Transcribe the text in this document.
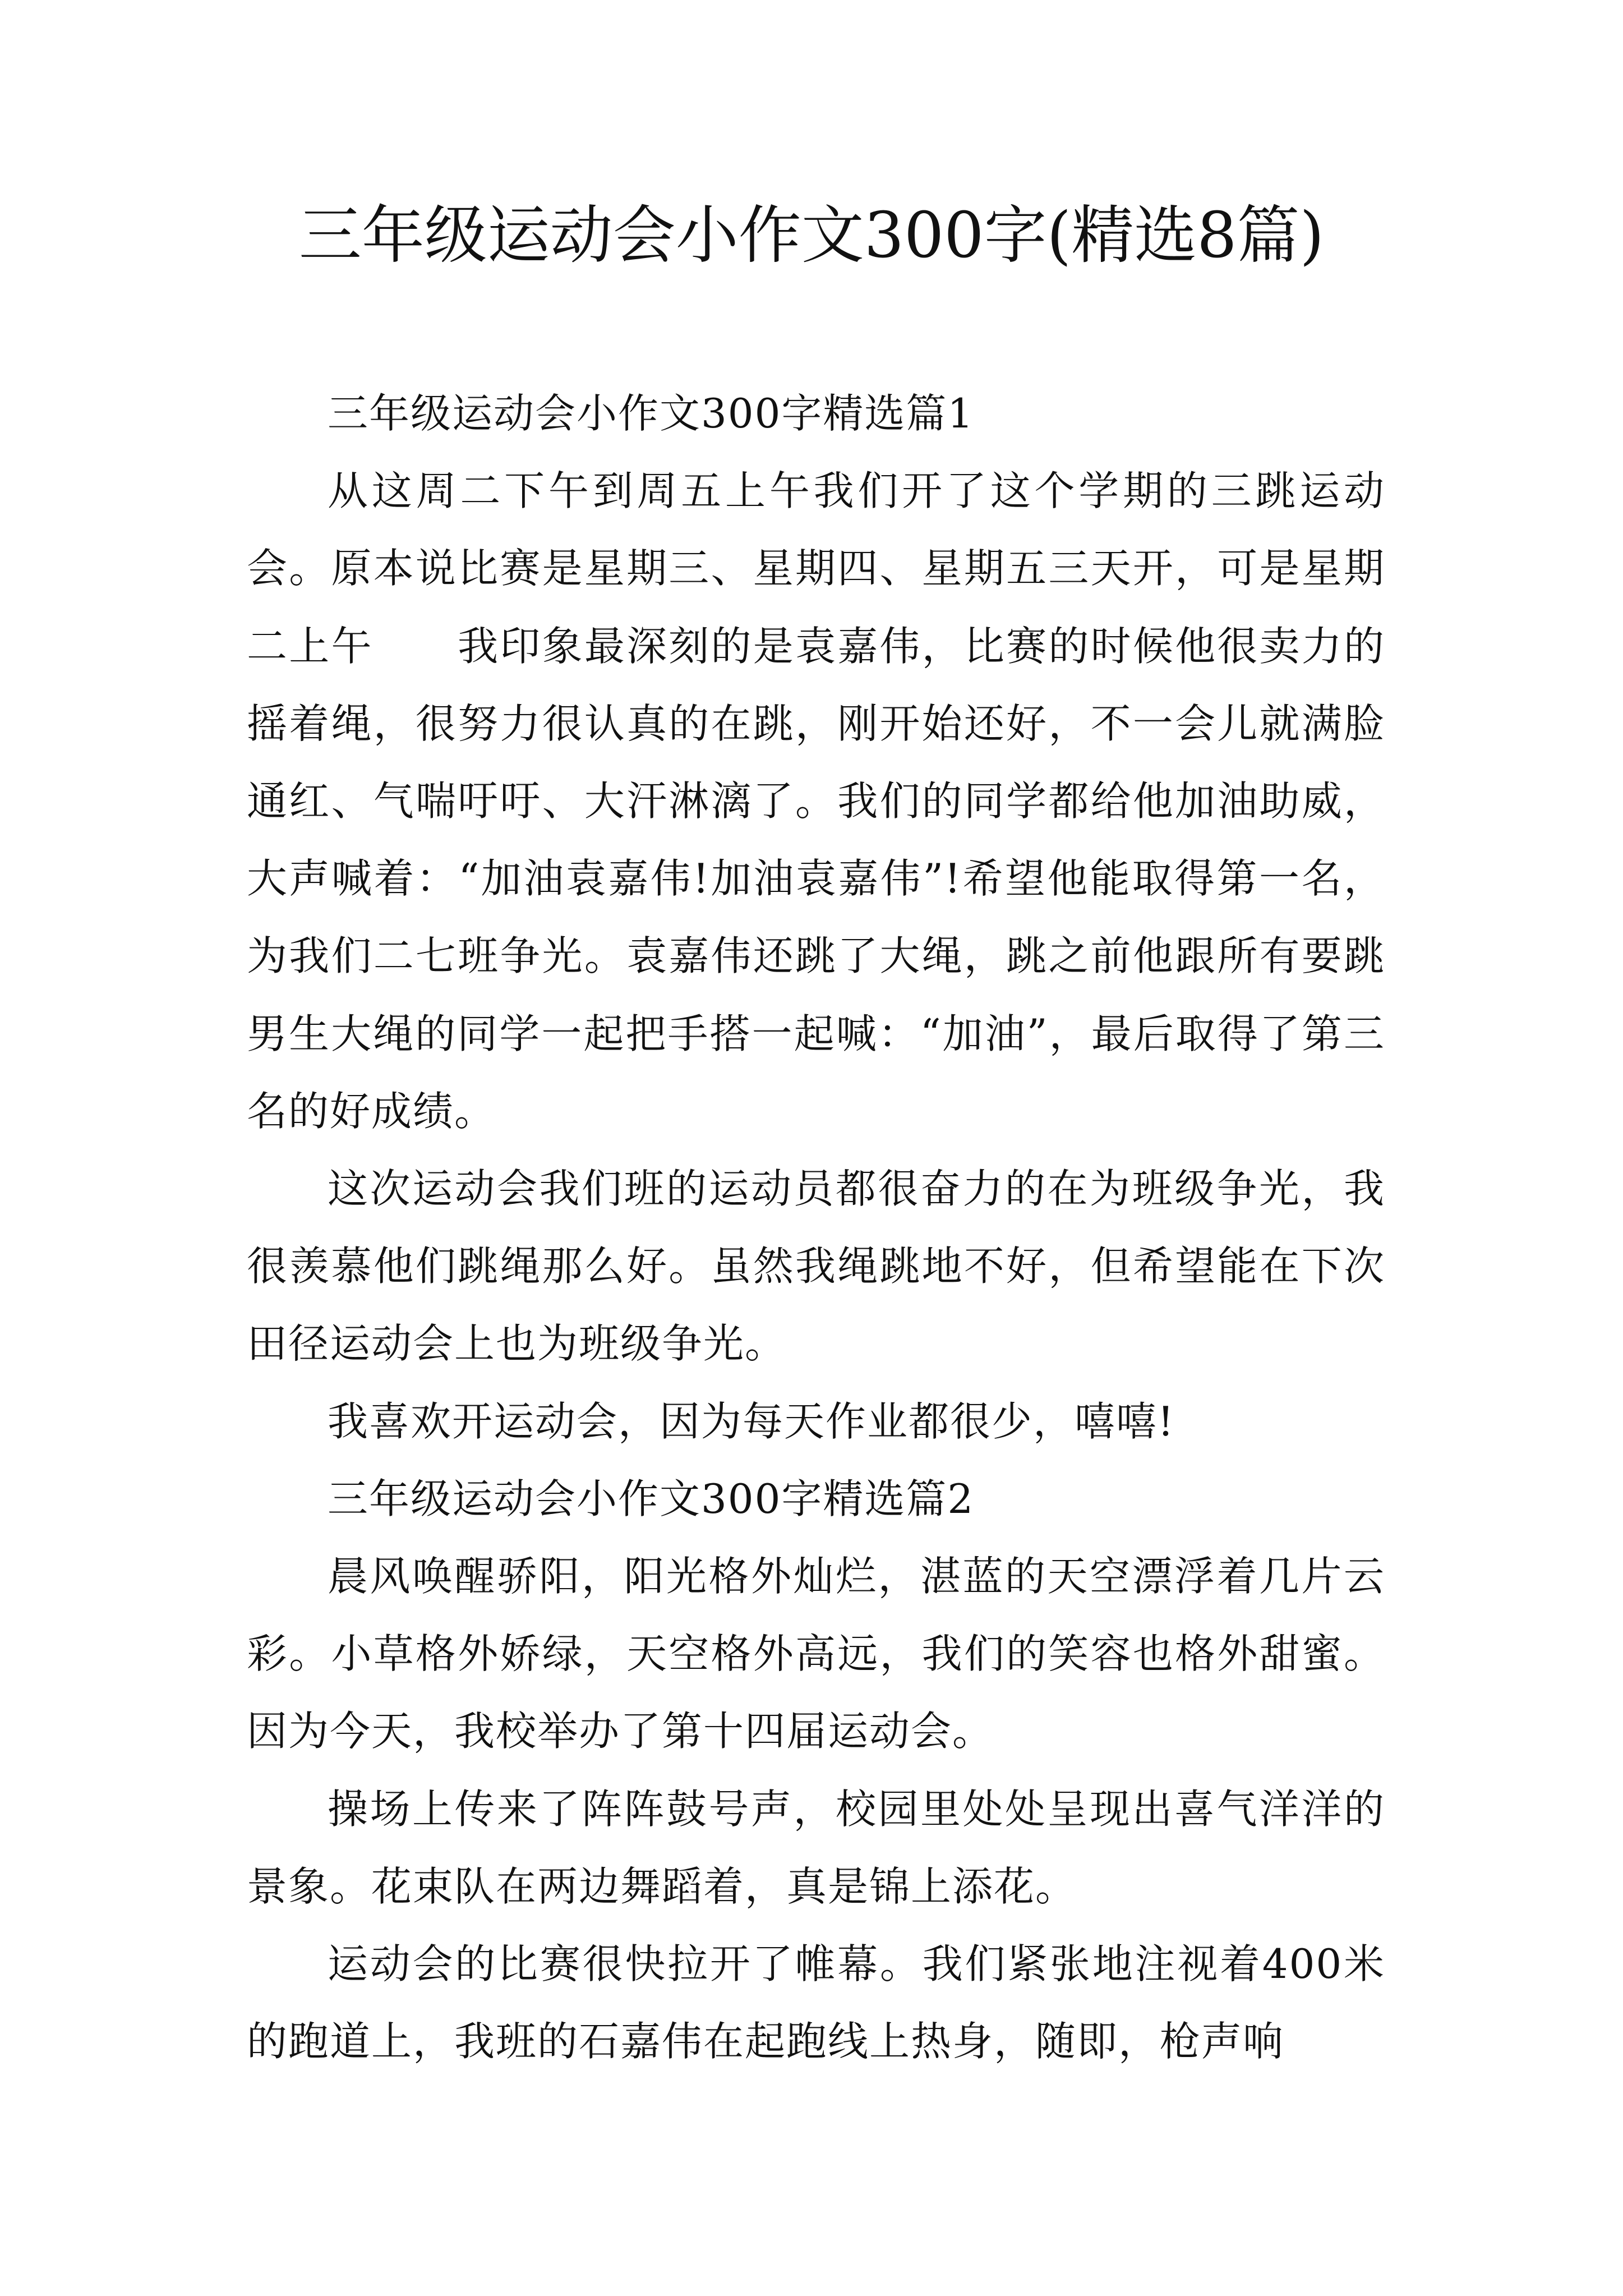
三年级运动会小作文300字(精选8篇)

三年级运动会小作文300字精选篇1

从这周二下午到周五上午我们开了这个学期的三跳运动会。原本说比赛是星期三、星期四、星期五三天开，可是星期二上午　　我印象最深刻的是袁嘉伟，比赛的时候他很卖力的摇着绳，很努力很认真的在跳，刚开始还好，不一会儿就满脸通红、气喘吁吁、大汗淋漓了。我们的同学都给他加油助威，大声喊着：“加油袁嘉伟!加油袁嘉伟”!希望他能取得第一名，为我们二七班争光。袁嘉伟还跳了大绳，跳之前他跟所有要跳男生大绳的同学一起把手搭一起喊：“加油”，最后取得了第三名的好成绩。

这次运动会我们班的运动员都很奋力的在为班级争光，我很羡慕他们跳绳那么好。虽然我绳跳地不好，但希望能在下次田径运动会上也为班级争光。

我喜欢开运动会，因为每天作业都很少，嘻嘻!

三年级运动会小作文300字精选篇2

晨风唤醒骄阳，阳光格外灿烂，湛蓝的天空漂浮着几片云彩。小草格外娇绿，天空格外高远，我们的笑容也格外甜蜜。因为今天，我校举办了第十四届运动会。

操场上传来了阵阵鼓号声，校园里处处呈现出喜气洋洋的景象。花束队在两边舞蹈着，真是锦上添花。

运动会的比赛很快拉开了帷幕。我们紧张地注视着400米的跑道上，我班的石嘉伟在起跑线上热身，随即，枪声响
